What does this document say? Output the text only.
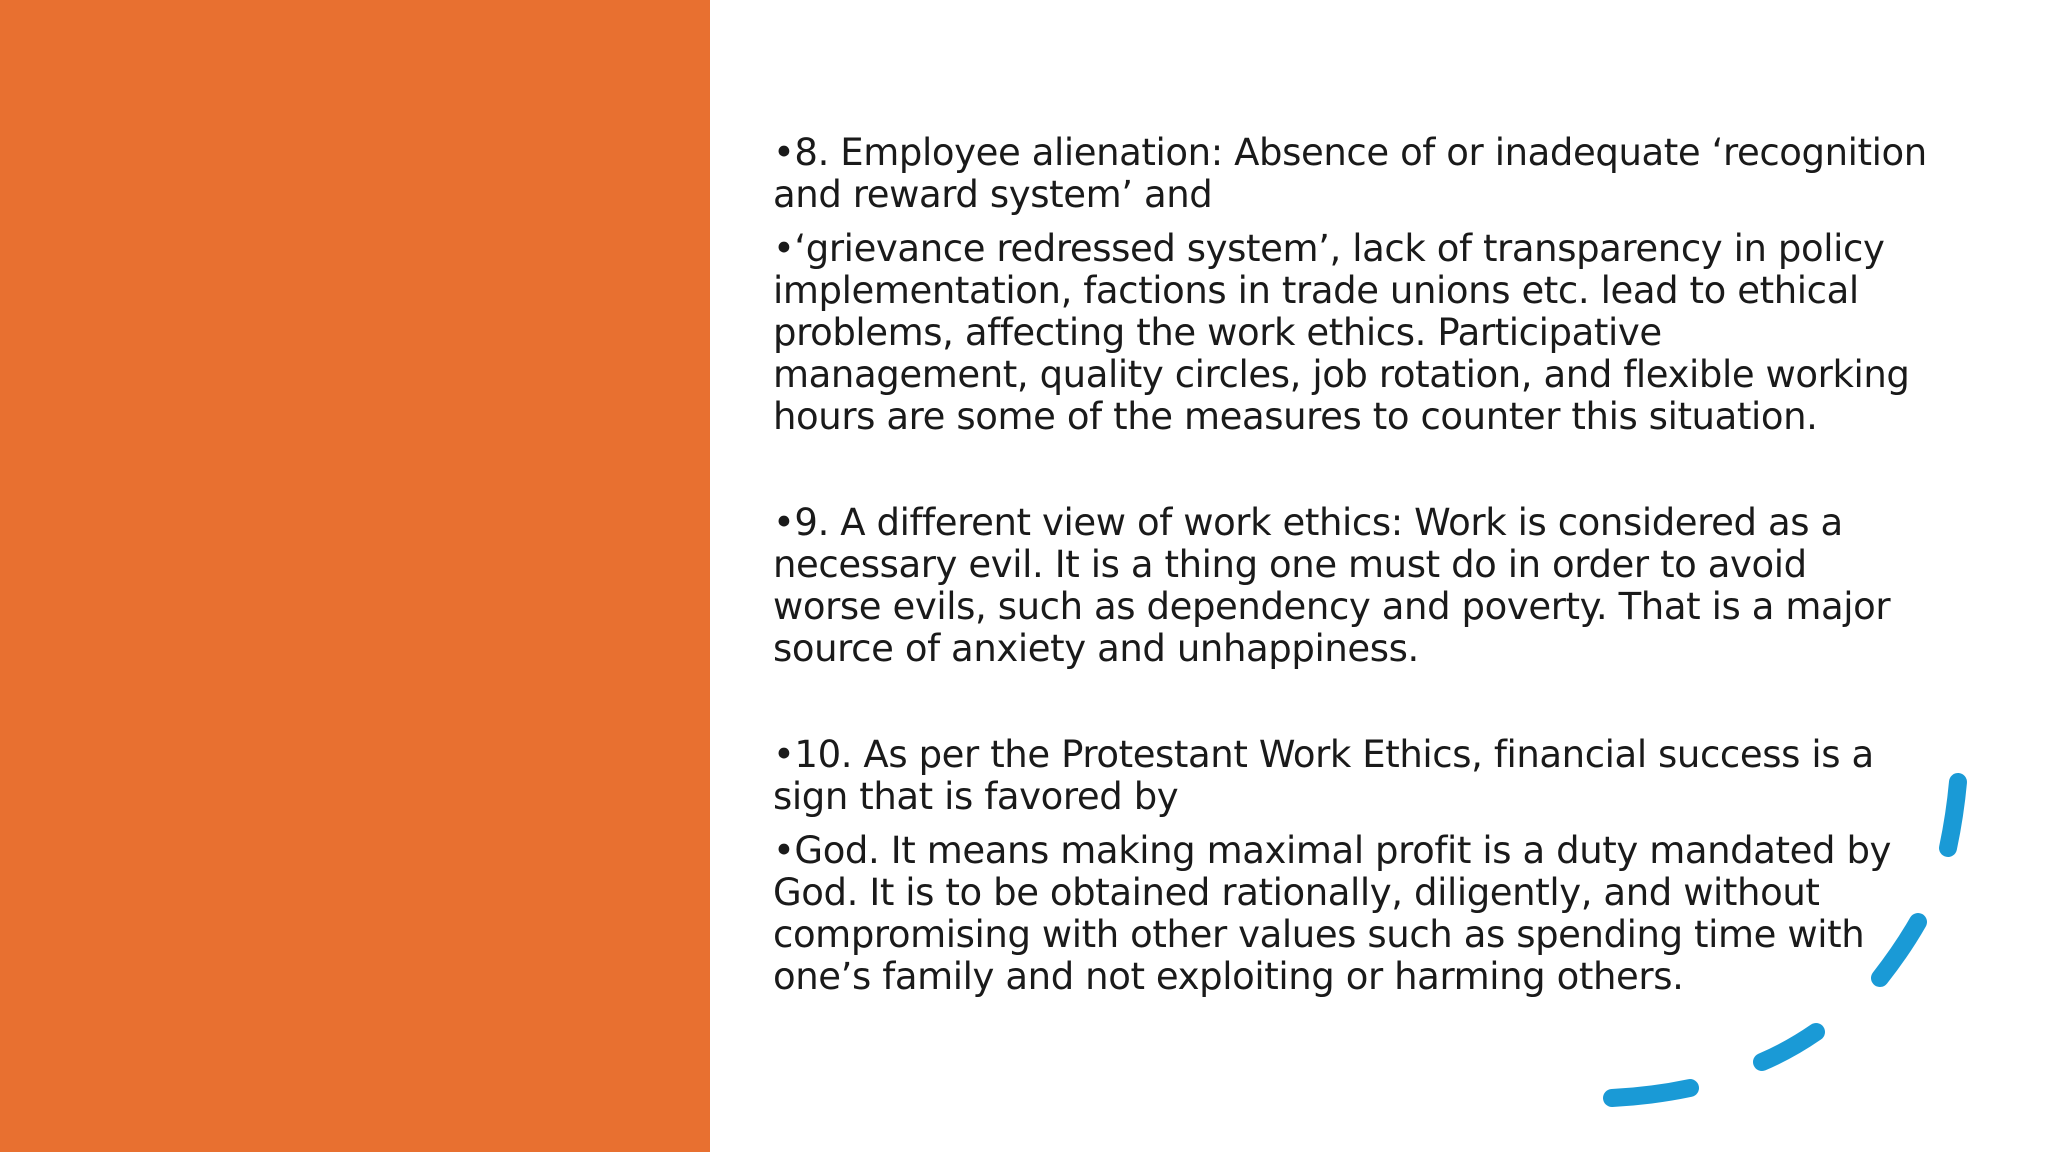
•8. Employee alienation: Absence of or inadequate ‘recognition
and reward system’ and

•‘grievance redressed system’, lack of transparency in policy
implementation, factions in trade unions etc. lead to ethical
problems, affecting the work ethics. Participative
management, quality circles, job rotation, and flexible working
hours are some of the measures to counter this situation.

•9. A different view of work ethics: Work is considered as a
necessary evil. It is a thing one must do in order to avoid
worse evils, such as dependency and poverty. That is a major
source of anxiety and unhappiness.

•10. As per the Protestant Work Ethics, financial success is a
sign that is favored by

•God. It means making maximal profit is a duty mandated by
God. It is to be obtained rationally, diligently, and without
compromising with other values such as spending time with
one’s family and not exploiting or harming others.
